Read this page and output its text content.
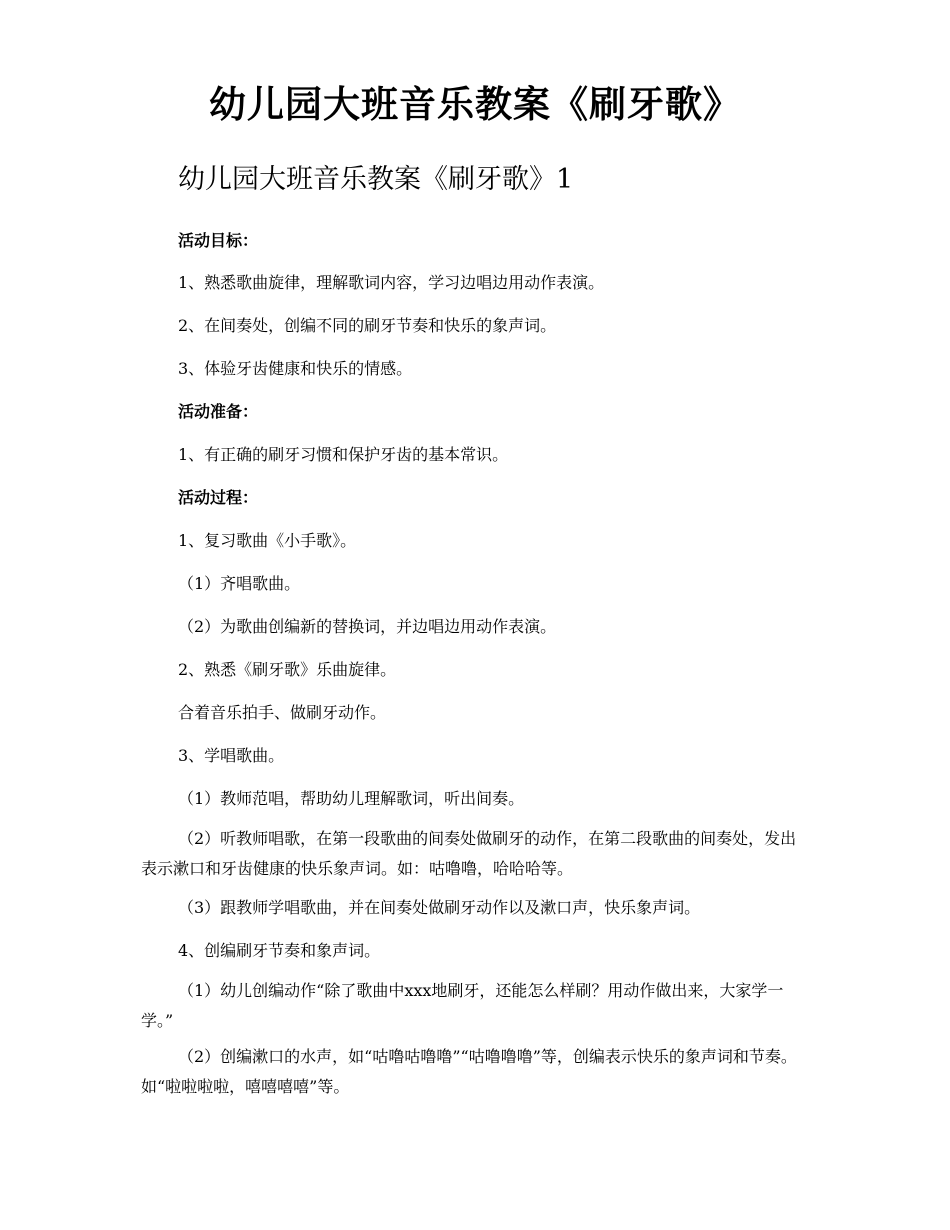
幼儿园大班音乐教案《刷牙歌》
幼儿园大班音乐教案《刷牙歌》1

活动目标：

1、熟悉歌曲旋律，理解歌词内容，学习边唱边用动作表演。

2、在间奏处，创编不同的刷牙节奏和快乐的象声词。

3、体验牙齿健康和快乐的情感。

活动准备：

1、有正确的刷牙习惯和保护牙齿的基本常识。

活动过程：

1、复习歌曲《小手歌》。

（1）齐唱歌曲。

（2）为歌曲创编新的替换词，并边唱边用动作表演。

2、熟悉《刷牙歌》乐曲旋律。

合着音乐拍手、做刷牙动作。

3、学唱歌曲。

（1）教师范唱，帮助幼儿理解歌词，听出间奏。

（2）听教师唱歌，在第一段歌曲的间奏处做刷牙的动作，在第二段歌曲的间奏处，发出表示漱口和牙齿健康的快乐象声词。如：咕噜噜，哈哈哈等。

（3）跟教师学唱歌曲，并在间奏处做刷牙动作以及漱口声，快乐象声词。

4、创编刷牙节奏和象声词。

（1）幼儿创编动作“除了歌曲中xxx地刷牙，还能怎么样刷？用动作做出来，大家学一学。”

（2）创编漱口的水声，如“咕噜咕噜噜”“咕噜噜噜”等，创编表示快乐的象声词和节奏。如“啦啦啦啦，嘻嘻嘻嘻”等。
